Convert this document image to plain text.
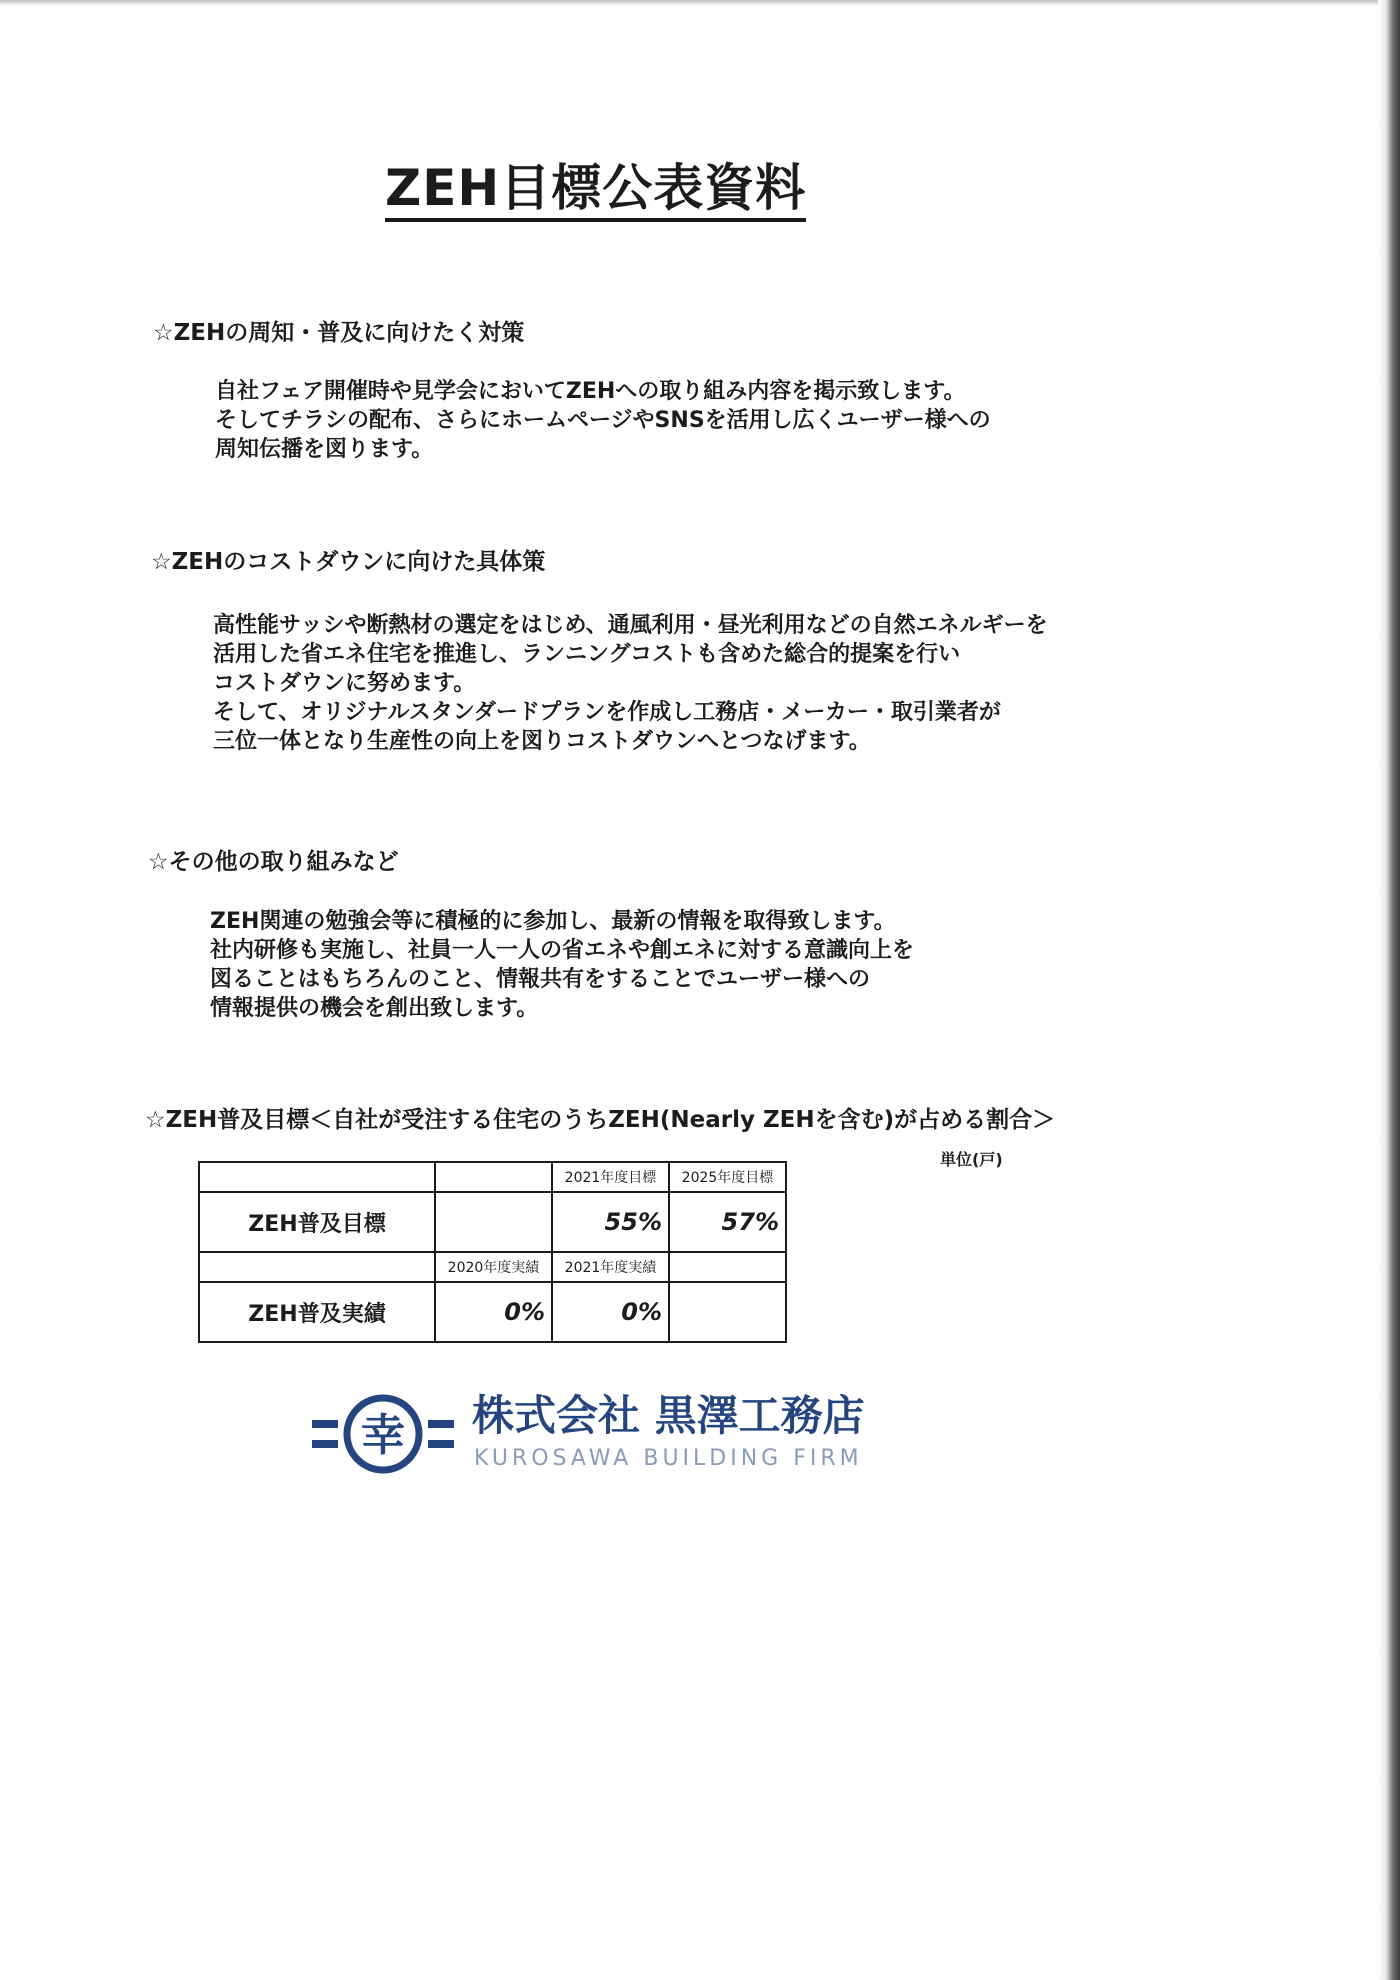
ZEH目標公表資料
☆ZEHの周知・普及に向けたく対策
自社フェア開催時や見学会においてZEHへの取り組み内容を掲示致します。
そしてチラシの配布、さらにホームページやSNSを活用し広くユーザー様への
周知伝播を図ります。
☆ZEHのコストダウンに向けた具体策
高性能サッシや断熱材の選定をはじめ、通風利用・昼光利用などの自然エネルギーを
活用した省エネ住宅を推進し、ランニングコストも含めた総合的提案を行い
コストダウンに努めます。
そして、オリジナルスタンダードプランを作成し工務店・メーカー・取引業者が
三位一体となり生産性の向上を図りコストダウンへとつなげます。
☆その他の取り組みなど
ZEH関連の勉強会等に積極的に参加し、最新の情報を取得致します。
社内研修も実施し、社員一人一人の省エネや創エネに対する意識向上を
図ることはもちろんのこと、情報共有をすることでユーザー様への
情報提供の機会を創出致します。
☆ZEH普及目標＜自社が受注する住宅のうちZEH(Nearly ZEHを含む)が占める割合＞
単位(戸)
		2021年度目標	2025年度目標
ZEH普及目標		55%	57%
	2020年度実績	2021年度実績	
ZEH普及実績	0%	0%	
幸 株式会社 黒澤工務店
KUROSAWA BUILDING FIRM
